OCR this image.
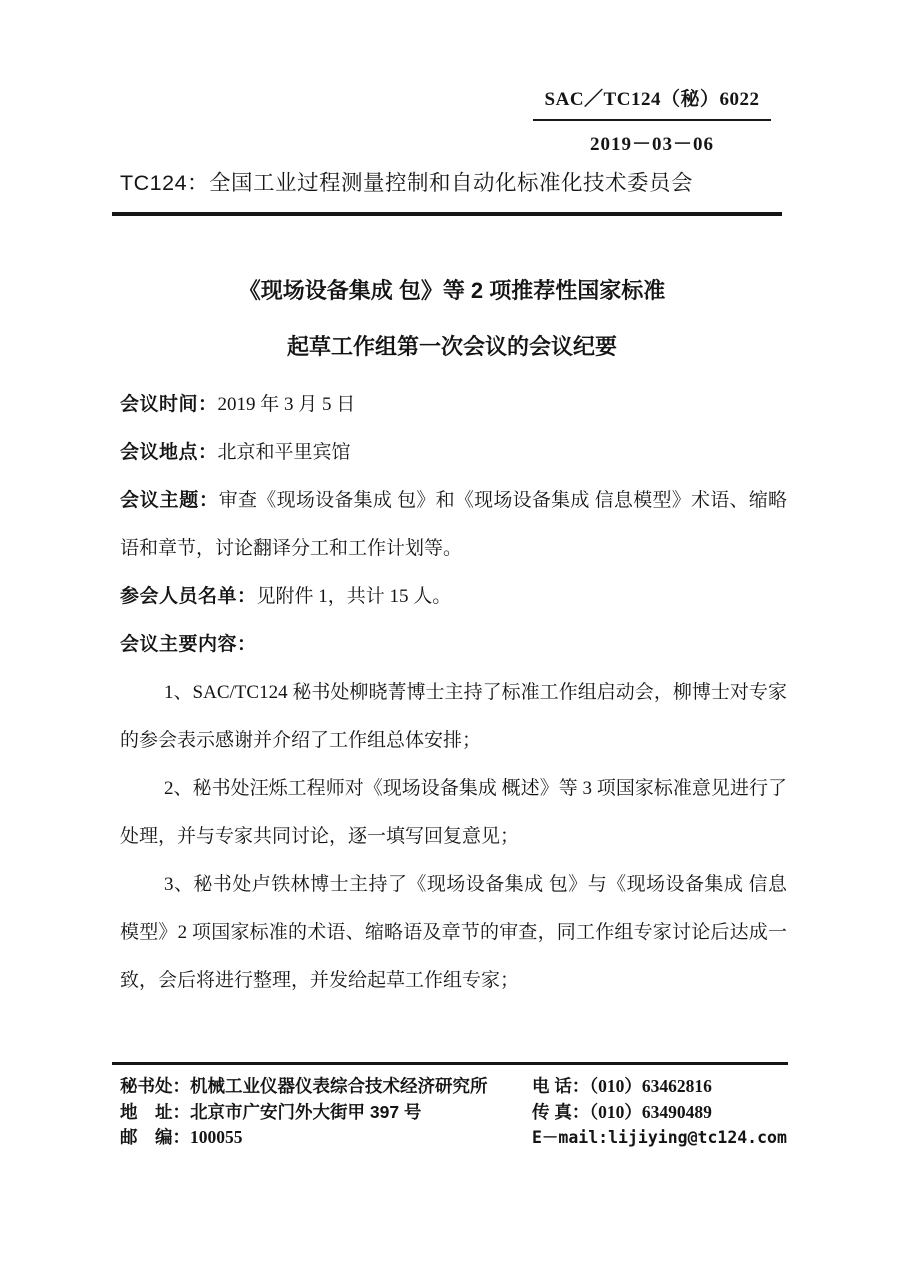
SAC／TC124（秘）6022
2019－03－06
TC124：全国工业过程测量控制和自动化标准化技术委员会
《现场设备集成 包》等 2 项推荐性国家标准
起草工作组第一次会议的会议纪要

会议时间：2019 年 3 月 5 日

会议地点：北京和平里宾馆

会议主题：审查《现场设备集成 包》和《现场设备集成 信息模型》术语、缩略语和章节，讨论翻译分工和工作计划等。

参会人员名单：见附件 1，共计 15 人。

会议主要内容：

1、SAC/TC124 秘书处柳晓菁博士主持了标准工作组启动会，柳博士对专家的参会表示感谢并介绍了工作组总体安排；

2、秘书处汪烁工程师对《现场设备集成 概述》等 3 项国家标准意见进行了处理，并与专家共同讨论，逐一填写回复意见；

3、秘书处卢铁林博士主持了《现场设备集成 包》与《现场设备集成 信息模型》2 项国家标准的术语、缩略语及章节的审查，同工作组专家讨论后达成一致，会后将进行整理，并发给起草工作组专家；

秘书处：机械工业仪器仪表综合技术经济研究所
地　址：北京市广安门外大街甲 397 号
邮　编：100055
电 话：（010）63462816
传 真：（010）63490489
E－mail:lijiying@tc124.com
